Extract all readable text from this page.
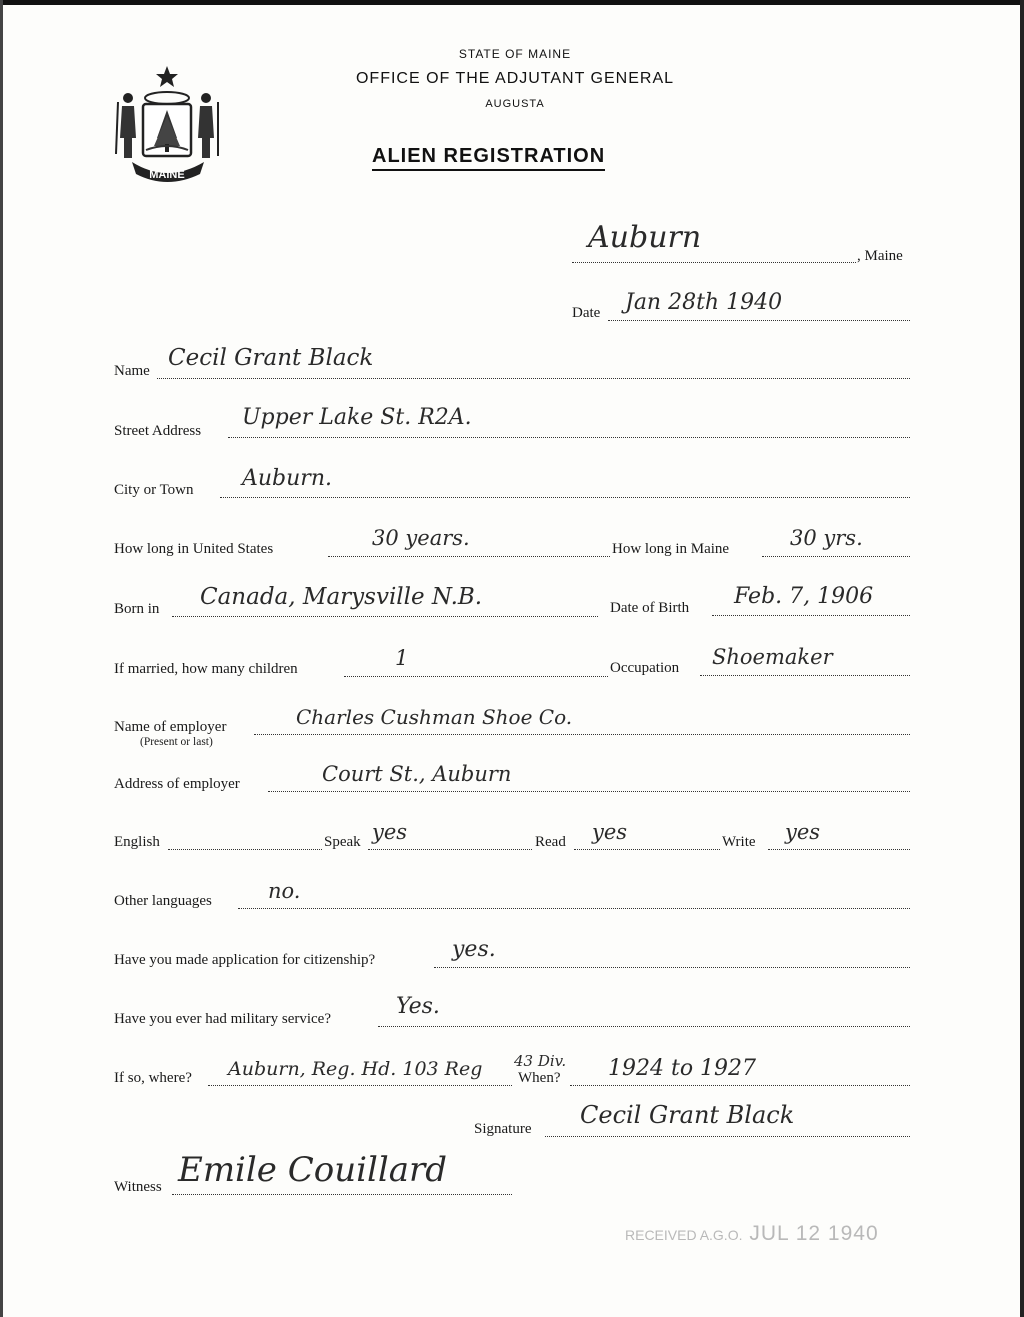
MAINE
STATE OF MAINE
OFFICE OF THE ADJUTANT GENERAL
AUGUSTA
ALIEN REGISTRATION
Auburn
, Maine
Date Jan 28th 1940
Name Cecil Grant Black
Street Address
Upper Lake St. R2A.
City or Town Auburn.
How long in United States	30 years.	How long in Maine	30 yrs.
Born in Canada, Marysville N.B.	Date of Birth Feb. 7, 1906
If married, how many children	1	Occupation Shoemaker
Name of employer
(Present or last)
Charles Cushman Shoe Co.
Address of employer	Court St., Auburn
English	Speak yes	Read yes	Write yes
Other languages	no.
Have you made application for citizenship?	yes.
Have you ever had military service?	Yes.
If so, where? Auburn, Reg. Hd. 103 Reg 43 Div.
When? 1924 to 1927
Signature Cecil Grant Black
Witness Emile Couillard
RECEIVED A.G.O. JUL 12 1940
